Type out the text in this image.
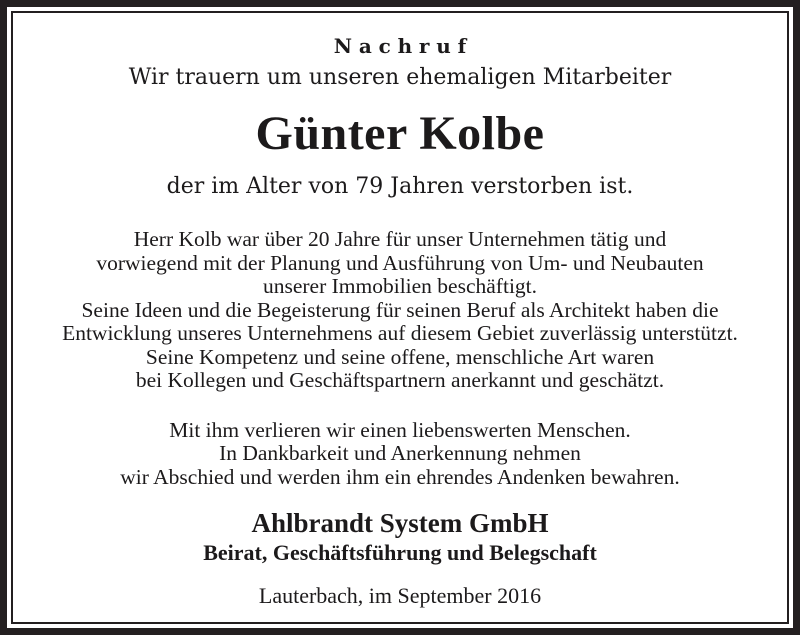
Nachruf
Wir trauern um unseren ehemaligen Mitarbeiter
Günter Kolbe
der im Alter von 79 Jahren verstorben ist.
Herr Kolb war über 20 Jahre für unser Unternehmen tätig und
vorwiegend mit der Planung und Ausführung von Um- und Neubauten
unserer Immobilien beschäftigt.
Seine Ideen und die Begeisterung für seinen Beruf als Architekt haben die
Entwicklung unseres Unternehmens auf diesem Gebiet zuverlässig unterstützt.
Seine Kompetenz und seine offene, menschliche Art waren
bei Kollegen und Geschäftspartnern anerkannt und geschätzt.
Mit ihm verlieren wir einen liebenswerten Menschen.
In Dankbarkeit und Anerkennung nehmen
wir Abschied und werden ihm ein ehrendes Andenken bewahren.
Ahlbrandt System GmbH
Beirat, Geschäftsführung und Belegschaft
Lauterbach, im September 2016
